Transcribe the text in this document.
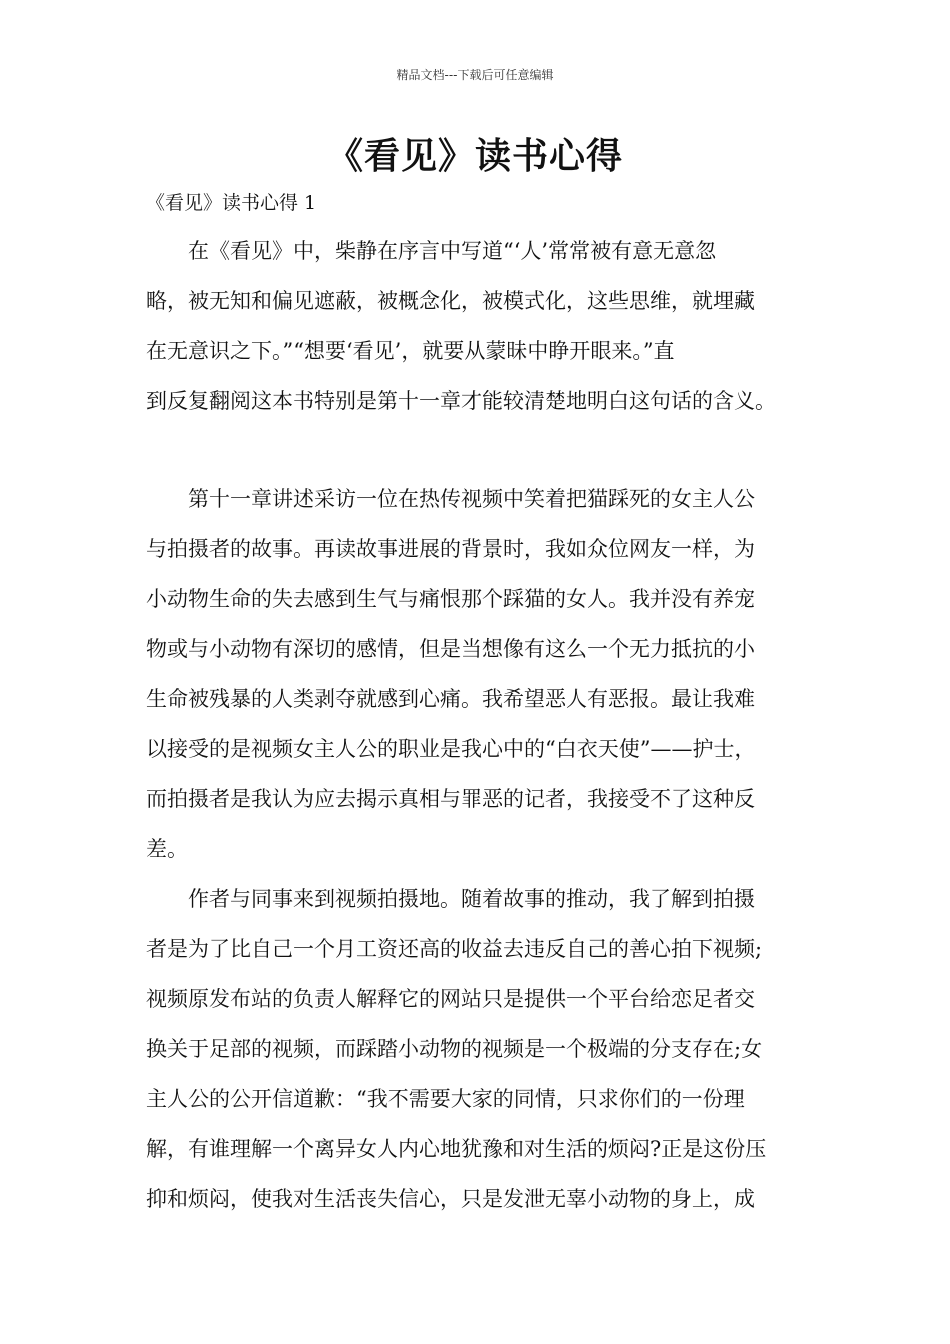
精品文档---下载后可任意编辑
《看见》读书心得

《看见》读书心得 1

　　在《看见》中，柴静在序言中写道“‘人’常常被有意无意忽

略，被无知和偏见遮蔽，被概念化，被模式化，这些思维，就埋藏

在无意识之下。”“想要‘看见’，就要从蒙昧中睁开眼来。”直

到反复翻阅这本书特别是第十一章才能较清楚地明白这句话的含义。

　　第十一章讲述采访一位在热传视频中笑着把猫踩死的女主人公

与拍摄者的故事。再读故事进展的背景时，我如众位网友一样，为

小动物生命的失去感到生气与痛恨那个踩猫的女人。我并没有养宠

物或与小动物有深切的感情，但是当想像有这么一个无力抵抗的小

生命被残暴的人类剥夺就感到心痛。我希望恶人有恶报。最让我难

以接受的是视频女主人公的职业是我心中的“白衣天使”——护士，

而拍摄者是我认为应去揭示真相与罪恶的记者，我接受不了这种反

差。

　　作者与同事来到视频拍摄地。随着故事的推动，我了解到拍摄

者是为了比自己一个月工资还高的收益去违反自己的善心拍下视频;

视频原发布站的负责人解释它的网站只是提供一个平台给恋足者交

换关于足部的视频，而踩踏小动物的视频是一个极端的分支存在;女

主人公的公开信道歉：“我不需要大家的同情，只求你们的一份理

解，有谁理解一个离异女人内心地犹豫和对生活的烦闷?正是这份压

抑和烦闷，使我对生活丧失信心，只是发泄无辜小动物的身上，成
